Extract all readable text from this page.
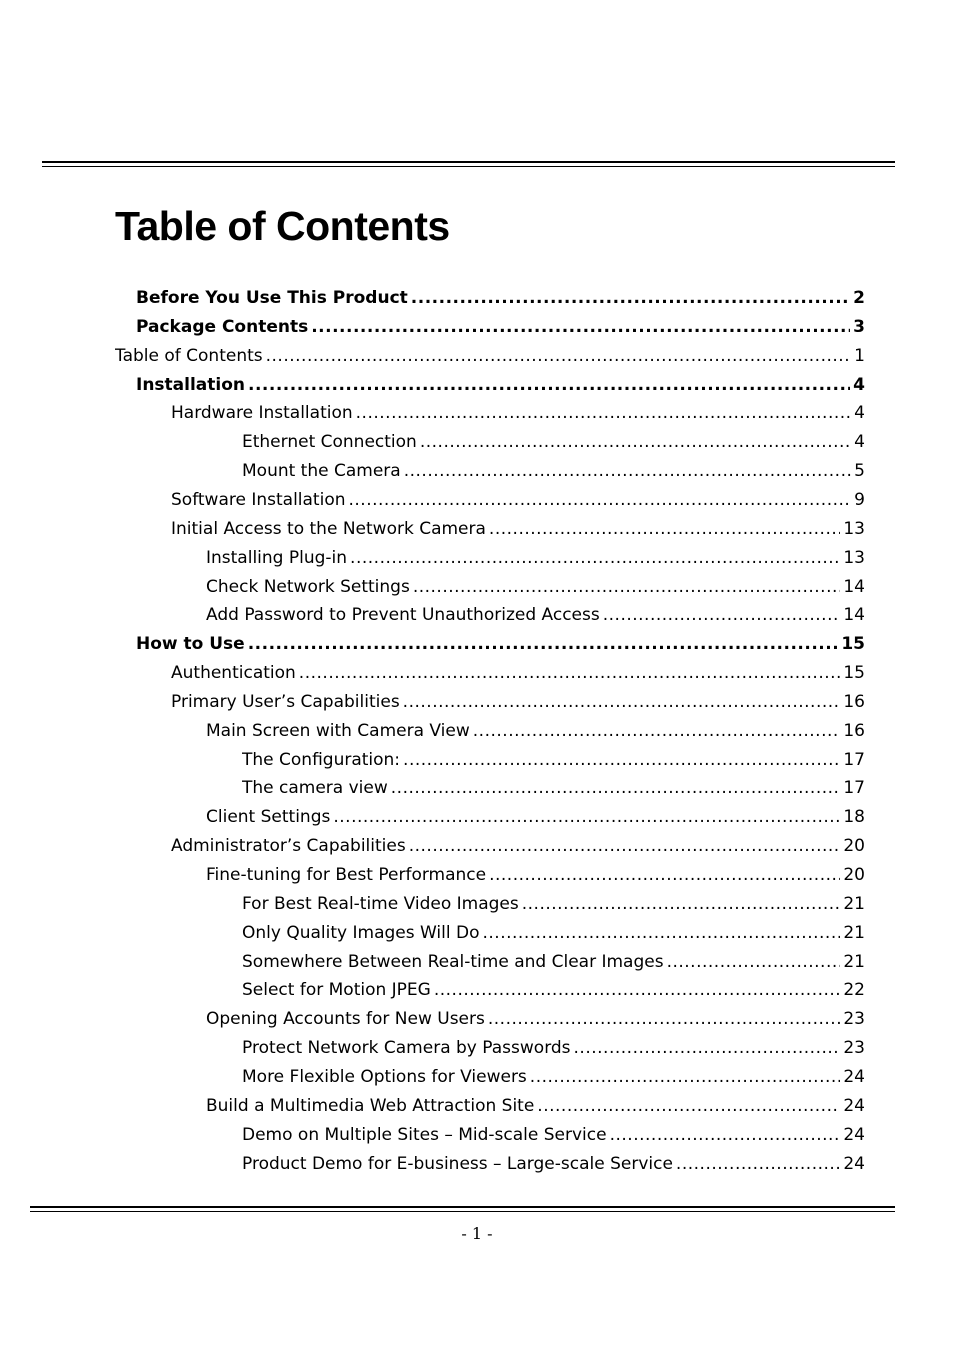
Table of Contents
Before You Use This Product .....	2
Package Contents .....	3
Table of Contents .....	1
Installation .....	4
Hardware Installation .....	4
Ethernet Connection .....	4
Mount the Camera .....	5
Software Installation .....	9
Initial Access to the Network Camera .....	13
Installing Plug-in .....	13
Check Network Settings .....	14
Add Password to Prevent Unauthorized Access .....	14
How to Use .....	15
Authentication .....	15
Primary User’s Capabilities .....	16
Main Screen with Camera View .....	16
The Configuration: .....	17
The camera view .....	17
Client Settings .....	18
Administrator’s Capabilities .....	20
Fine-tuning for Best Performance .....	20
For Best Real-time Video Images .....	21
Only Quality Images Will Do .....	21
Somewhere Between Real-time and Clear Images .....	21
Select for Motion JPEG .....	22
Opening Accounts for New Users .....	23
Protect Network Camera by Passwords .....	23
More Flexible Options for Viewers .....	24
Build a Multimedia Web Attraction Site .....	24
Demo on Multiple Sites – Mid-scale Service .....	24
Product Demo for E-business – Large-scale Service .....	24
- 1 -
